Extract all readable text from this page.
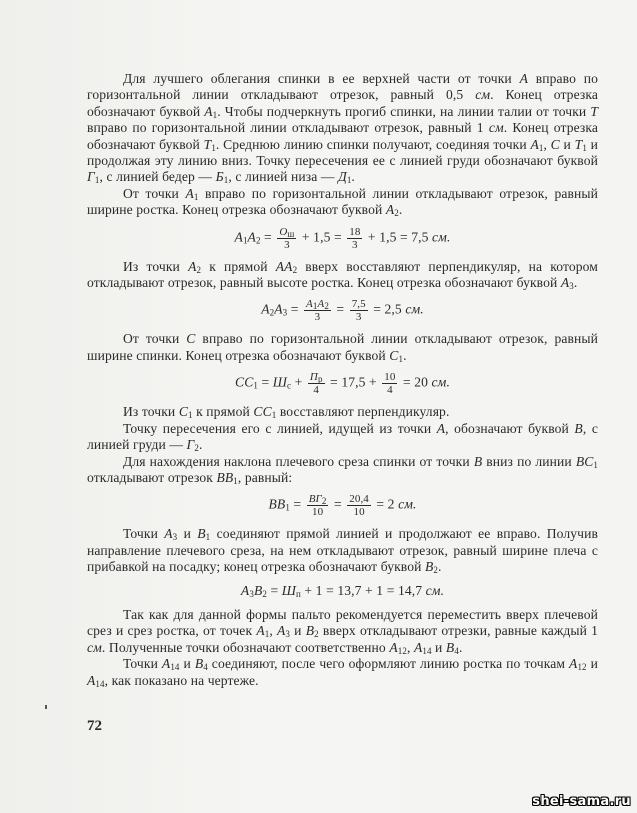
Для лучшего облегания спинки в ее верхней части от точки A вправо по горизонтальной линии откладывают отрезок, равный 0,5 см. Конец отрезка обозначают буквой $A_1$. Чтобы подчеркнуть прогиб спинки, на линии талии от точки T вправо по горизонтальной линии откладывают отрезок, равный 1 см. Конец отрезка обозначают буквой $T_1$. Среднюю линию спинки получают, соединяя точки $A_1$, C и $T_1$ и продолжая эту линию вниз. Точку пересечения ее с линией груди обозначают буквой $Г_1$, с линией бедер — $Б_1$, с линией низа — $Д_1$.

От точки $A_1$ вправо по горизонтальной линии откладывают отрезок, равный ширине ростка. Конец отрезка обозначают буквой $A_2$.

$A_1A_2 = \frac{O_ш}{3} + 1,5 = \frac{18}{3} + 1,5 = 7,5$ см.

Из точки $A_2$ к прямой $AA_2$ вверх восставляют перпендикуляр, на котором откладывают отрезок, равный высоте ростка. Конец отрезка обозначают буквой $A_3$.

$A_2A_3 = \frac{A_1A_2}{3} = \frac{7,5}{3} = 2,5$ см.

От точки C вправо по горизонтальной линии откладывают отрезок, равный ширине спинки. Конец отрезка обозначают буквой $C_1$.

$CC_1 = Ш_с + \frac{П_р}{4} = 17,5 + \frac{10}{4} = 20$ см.

Из точки $C_1$ к прямой $CC_1$ восставляют перпендикуляр.

Точку пересечения его с линией, идущей из точки A, обозначают буквой B, с линией груди — $Г_2$.

Для нахождения наклона плечевого среза спинки от точки B вниз по линии $BC_1$ откладывают отрезок $BB_1$, равный:

$BB_1 = \frac{BГ_2}{10} = \frac{20,4}{10} = 2$ см.

Точки $A_3$ и $B_1$ соединяют прямой линией и продолжают ее вправо. Получив направление плечевого среза, на нем откладывают отрезок, равный ширине плеча с прибавкой на посадку; конец отрезка обозначают буквой $B_2$.

$A_3B_2 = Ш_п + 1 = 13,7 + 1 = 14,7$ см.

Так как для данной формы пальто рекомендуется переместить вверх плечевой срез и срез ростка, от точек $A_1$, $A_3$ и $B_2$ вверх откладывают отрезки, равные каждый 1 см. Полученные точки обозначают соответственно $A_{12}$, $A_{14}$ и $B_4$.

Точки $A_{14}$ и $B_4$ соединяют, после чего оформляют линию ростка по точкам $A_{12}$ и $A_{14}$, как показано на чертеже.

72
shei-sama.ru
